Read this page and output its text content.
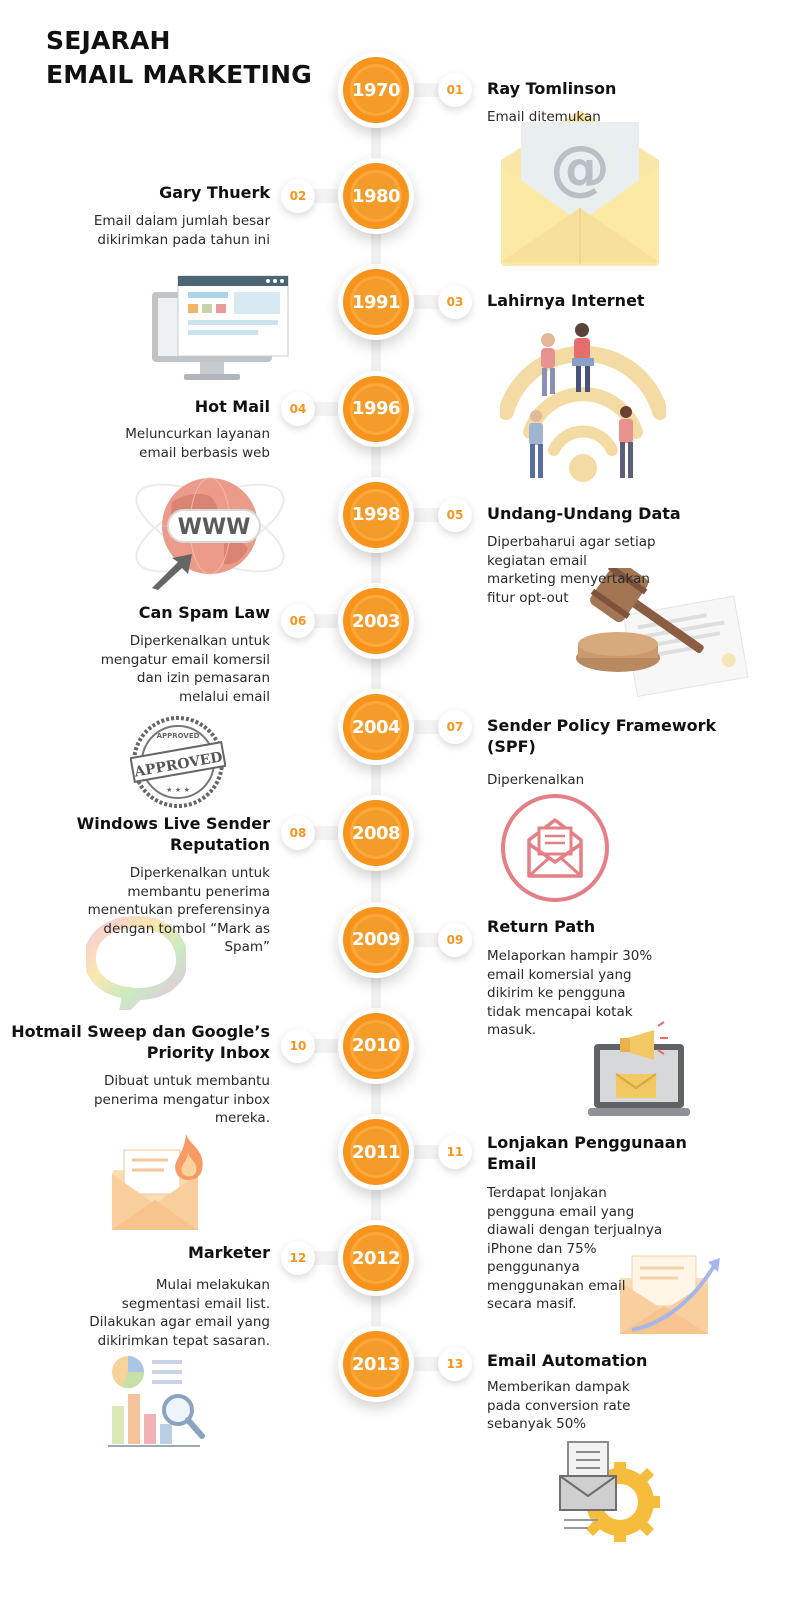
SEJARAH
EMAIL MARKETING
1970	01	Ray Tomlinson

Email ditemukan

1980
02
Gary Thuerk

Email dalam jumlah besar dikirimkan pada tahun ini

1991	03	Lahirnya Internet
1996
04
Hot Mail

Meluncurkan layanan email berbasis web

1998	05	Undang-Undang Data

Diperbaharui agar setiap kegiatan email marketing menyertakan fitur opt-out

2003
06
Can Spam Law

Diperkenalkan untuk mengatur email komersil dan izin pemasaran melalui email

2004	07	Sender Policy Framework (SPF)

Diperkenalkan

2008
08
Windows Live Sender Reputation

Diperkenalkan untuk membantu penerima menentukan preferensinya dengan tombol “Mark as Spam”	2009	09
Return Path

Melaporkan hampir 30% email komersial yang dikirim ke pengguna tidak mencapai kotak masuk.

2010
10
Hotmail Sweep dan Google’s Priority Inbox

Dibuat untuk membantu penerima mengatur inbox mereka.

2011	11	Lonjakan Penggunaan Email

Terdapat lonjakan pengguna email yang diawali dengan terjualnya iPhone dan 75% penggunanya menggunakan email secara masif.

2012
12
Marketer

Mulai melakukan segmentasi email list. Dilakukan agar email yang dikirimkan tepat sasaran.

2013	13	Email Automation

Memberikan dampak pada conversion rate sebanyak 50%

@
WWW
APPROVED
APPROVED
★ ★ ★
